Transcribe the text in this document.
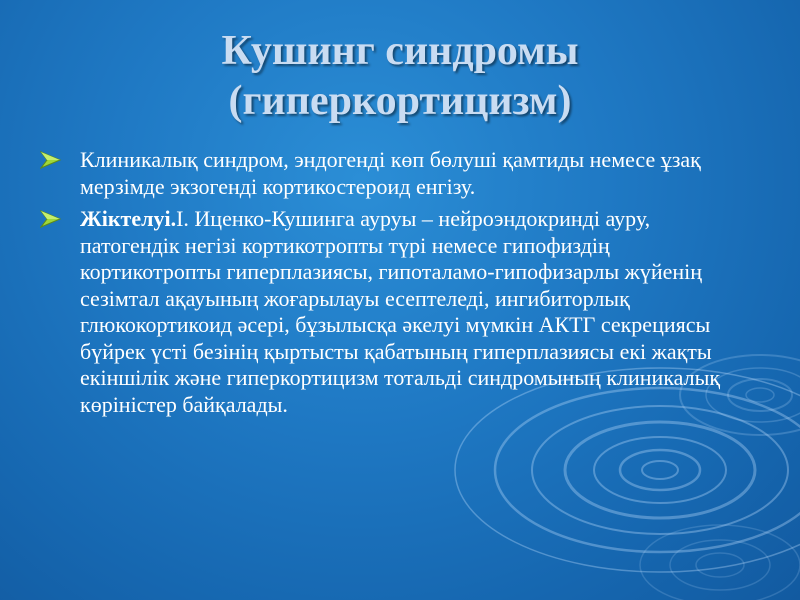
Кушинг синдромы
(гиперкортицизм)
Клиникалық синдром, эндогенді көп бөлуші қамтиды немесе ұзақ мерзімде экзогенді кортикостероид енгізу.
Жіктелуі.І. Иценко-Кушинга ауруы – нейроэндокринді ауру, патогендік негізі кортикотропты түрі немесе гипофиздің кортикотропты гиперплазиясы, гипоталамо-гипофизарлы жүйенің сезімтал ақауының жоғарылауы есептеледі, ингибиторлық глюкокортикоид әсері, бұзылысқа әкелуі мүмкін АКТГ секрециясы бүйрек үсті безінің қыртысты қабатының гиперплазиясы екі жақты екіншілік және гиперкортицизм тотальді синдромының клиникалық көріністер байқалады.
